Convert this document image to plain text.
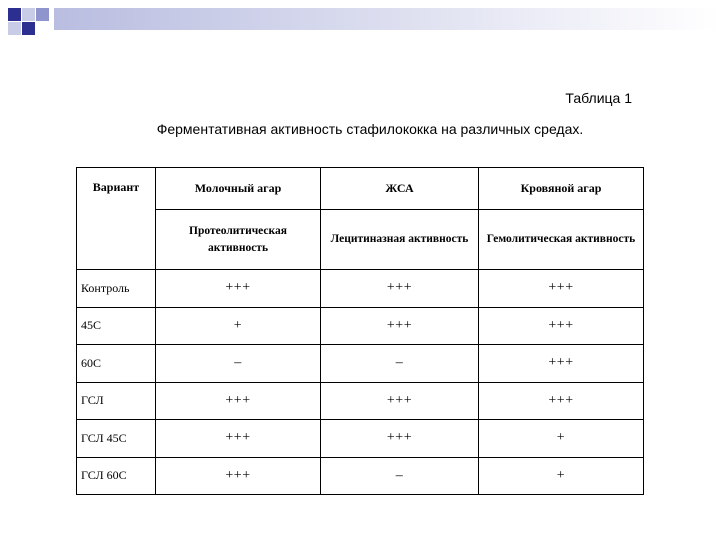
Таблица 1
Ферментативная активность стафилококка на различных средах.
Вариант	Молочный агар	ЖСА	Кровяной агар
	Протеолитическая активность	Лецитиназная активность	Гемолитическая активность
Контроль	+++	+++	+++
45С	+	+++	+++
60С	–	–	+++
ГСЛ	+++	+++	+++
ГСЛ 45С	+++	+++	+
ГСЛ 60С	+++	–	+
